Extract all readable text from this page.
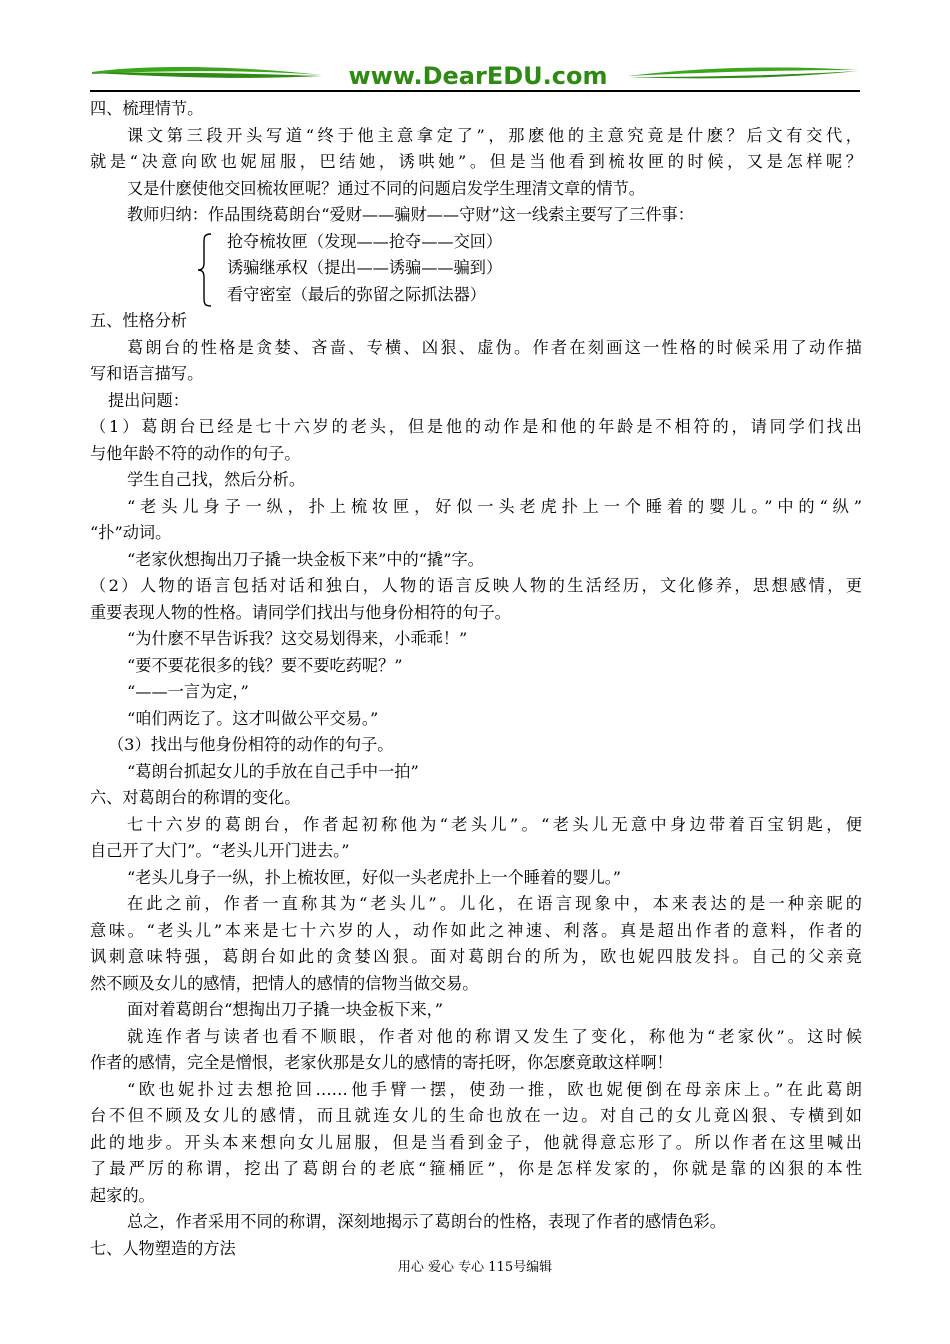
www.DearEDU.com

四、梳理情节。

课文第三段开头写道“终于他主意拿定了”，那麽他的主意究竟是什麽？后文有交代，

就是“决意向欧也妮屈服，巴结她，诱哄她”。但是当他看到梳妆匣的时候，又是怎样呢？

又是什麽使他交回梳妆匣呢？通过不同的问题启发学生理清文章的情节。

教师归纳：作品围绕葛朗台“爱财——骗财——守财”这一线索主要写了三件事：

抢夺梳妆匣（发现——抢夺——交回）

诱骗继承权（提出——诱骗——骗到）

看守密室（最后的弥留之际抓法器）

五、性格分析

葛朗台的性格是贪婪、吝啬、专横、凶狠、虚伪。作者在刻画这一性格的时候采用了动作描

写和语言描写。

提出问题：

（1）葛朗台已经是七十六岁的老头，但是他的动作是和他的年龄是不相符的，请同学们找出

与他年龄不符的动作的句子。

学生自己找，然后分析。

“老头儿身子一纵，扑上梳妆匣，好似一头老虎扑上一个睡着的婴儿。”中的“纵”

“扑”动词。

“老家伙想掏出刀子撬一块金板下来”中的“撬”字。

（2）人物的语言包括对话和独白，人物的语言反映人物的生活经历，文化修养，思想感情，更

重要表现人物的性格。请同学们找出与他身份相符的句子。

“为什麽不早告诉我？这交易划得来，小乖乖！”

“要不要花很多的钱？要不要吃药呢？”

“——一言为定，”

“咱们两讫了。这才叫做公平交易。”

（3）找出与他身份相符的动作的句子。

“葛朗台抓起女儿的手放在自己手中一拍”

六、对葛朗台的称谓的变化。

七十六岁的葛朗台，作者起初称他为“老头儿”。“老头儿无意中身边带着百宝钥匙，便

自己开了大门”。“老头儿开门进去。”

“老头儿身子一纵，扑上梳妆匣，好似一头老虎扑上一个睡着的婴儿。”

在此之前，作者一直称其为“老头儿”。儿化，在语言现象中，本来表达的是一种亲昵的

意味。“老头儿”本来是七十六岁的人，动作如此之神速、利落。真是超出作者的意料，作者的

讽刺意味特强，葛朗台如此的贪婪凶狠。面对葛朗台的所为，欧也妮四肢发抖。自己的父亲竟

然不顾及女儿的感情，把情人的感情的信物当做交易。

面对着葛朗台“想掏出刀子撬一块金板下来，”

就连作者与读者也看不顺眼，作者对他的称谓又发生了变化，称他为“老家伙”。这时候

作者的感情，完全是憎恨，老家伙那是女儿的感情的寄托呀，你怎麽竟敢这样啊！

“欧也妮扑过去想抢回……他手臂一摆，使劲一推，欧也妮便倒在母亲床上。”在此葛朗

台不但不顾及女儿的感情，而且就连女儿的生命也放在一边。对自己的女儿竟凶狠、专横到如

此的地步。开头本来想向女儿屈服，但是当看到金子，他就得意忘形了。所以作者在这里喊出

了最严厉的称谓，挖出了葛朗台的老底“箍桶匠”，你是怎样发家的，你就是靠的凶狠的本性

起家的。

总之，作者采用不同的称谓，深刻地揭示了葛朗台的性格，表现了作者的感情色彩。

七、人物塑造的方法

用心 爱心 专心 115号编辑
